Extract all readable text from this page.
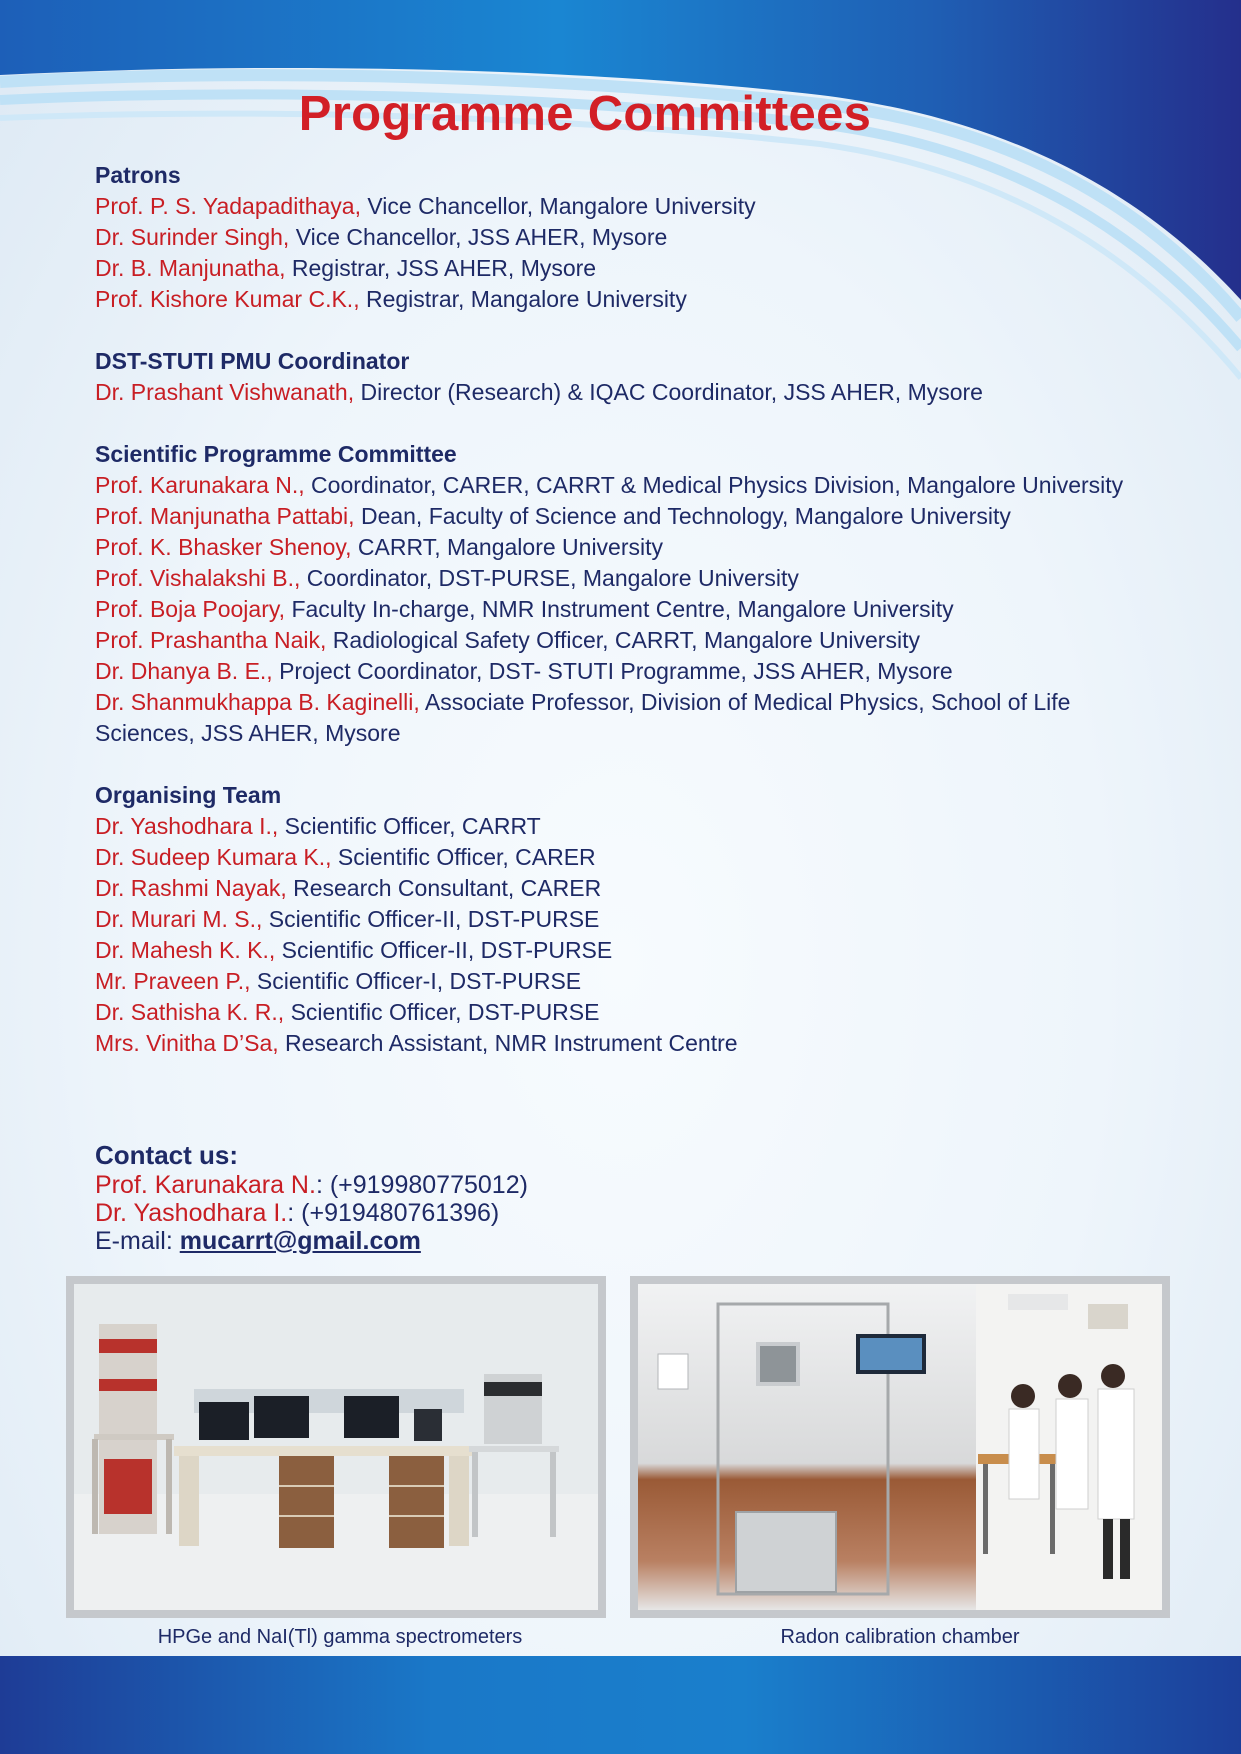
Programme Committees
Patrons
Prof. P. S. Yadapadithaya, Vice Chancellor, Mangalore University
Dr. Surinder Singh, Vice Chancellor, JSS AHER, Mysore
Dr. B. Manjunatha, Registrar, JSS AHER, Mysore
Prof. Kishore Kumar C.K., Registrar, Mangalore University
DST-STUTI PMU Coordinator
Dr. Prashant Vishwanath, Director (Research) & IQAC Coordinator, JSS AHER, Mysore
Scientific Programme Committee
Prof. Karunakara N., Coordinator, CARER, CARRT & Medical Physics Division, Mangalore University
Prof. Manjunatha Pattabi, Dean, Faculty of Science and Technology, Mangalore University
Prof. K. Bhasker Shenoy, CARRT, Mangalore University
Prof. Vishalakshi B., Coordinator, DST-PURSE, Mangalore University
Prof. Boja Poojary, Faculty In-charge, NMR Instrument Centre, Mangalore University
Prof. Prashantha Naik, Radiological Safety Officer, CARRT, Mangalore University
Dr. Dhanya B. E., Project Coordinator, DST- STUTI Programme, JSS AHER, Mysore
Dr. Shanmukhappa B. Kaginelli, Associate Professor, Division of Medical Physics, School of Life Sciences, JSS AHER, Mysore
Organising Team
Dr. Yashodhara I., Scientific Officer, CARRT
Dr. Sudeep Kumara K., Scientific Officer, CARER
Dr. Rashmi Nayak, Research Consultant, CARER
Dr. Murari M. S., Scientific Officer-II, DST-PURSE
Dr. Mahesh K. K., Scientific Officer-II, DST-PURSE
Mr. Praveen P., Scientific Officer-I, DST-PURSE
Dr. Sathisha K. R., Scientific Officer, DST-PURSE
Mrs. Vinitha D’Sa, Research Assistant, NMR Instrument Centre
Contact us:
Prof. Karunakara N.: (+919980775012)
Dr. Yashodhara I.: (+919480761396)
E-mail: mucarrt@gmail.com
HPGe and NaI(Tl) gamma spectrometers	Radon calibration chamber
